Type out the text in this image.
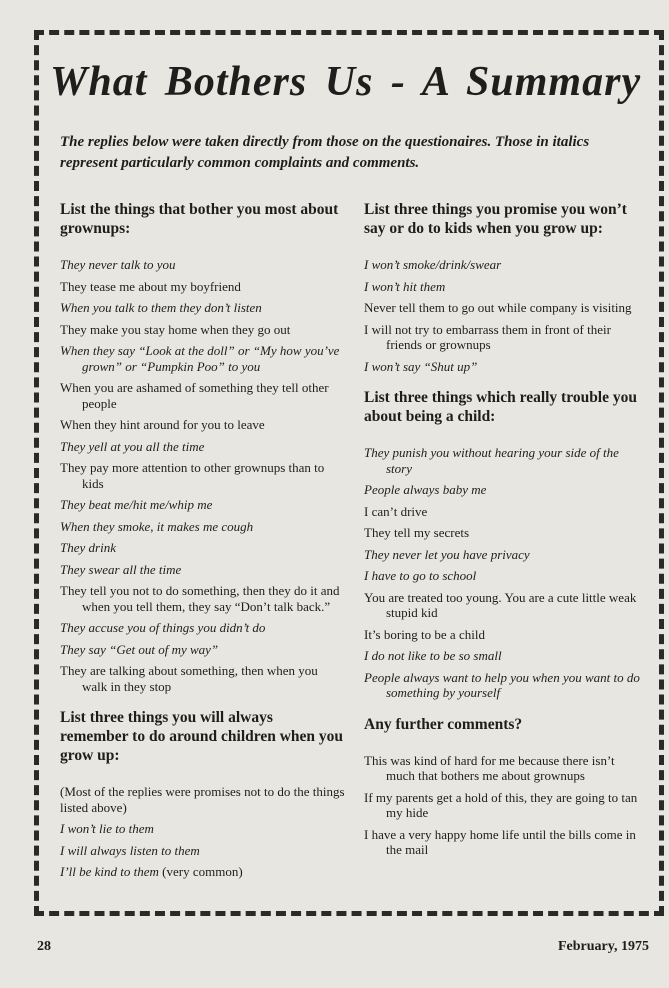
What Bothers Us - A Summary

The replies below were taken directly from those on the questionaires. Those in italics represent particularly common complaints and comments.

List the things that bother you most about grownups:
They never talk to you
They tease me about my boyfriend
When you talk to them they don’t listen
They make you stay home when they go out
When they say “Look at the doll” or “My how you’ve grown” or “Pumpkin Poo” to you
When you are ashamed of something they tell other people
When they hint around for you to leave
They yell at you all the time
They pay more attention to other grownups than to kids
They beat me/hit me/whip me
When they smoke, it makes me cough
They drink
They swear all the time
They tell you not to do something, then they do it and when you tell them, they say “Don’t talk back.”
They accuse you of things you didn’t do
They say “Get out of my way”
They are talking about something, then when you walk in they stop
List three things you will always remember to do around children when you grow up:
(Most of the replies were promises not to do the things listed above)
I won’t lie to them
I will always listen to them
I’ll be kind to them (very common)
List three things you promise you won’t say or do to kids when you grow up:
I won’t smoke/drink/swear
I won’t hit them
Never tell them to go out while company is visiting
I will not try to embarrass them in front of their friends or grownups
I won’t say “Shut up”
List three things which really trouble you about being a child:
They punish you without hearing your side of the story
People always baby me
I can’t drive
They tell my secrets
They never let you have privacy
I have to go to school
You are treated too young. You are a cute little weak stupid kid
It’s boring to be a child
I do not like to be so small
People always want to help you when you want to do something by yourself
Any further comments?
This was kind of hard for me because there isn’t much that bothers me about grownups
If my parents get a hold of this, they are going to tan my hide
I have a very happy home life until the bills come in the mail
28	February, 1975
